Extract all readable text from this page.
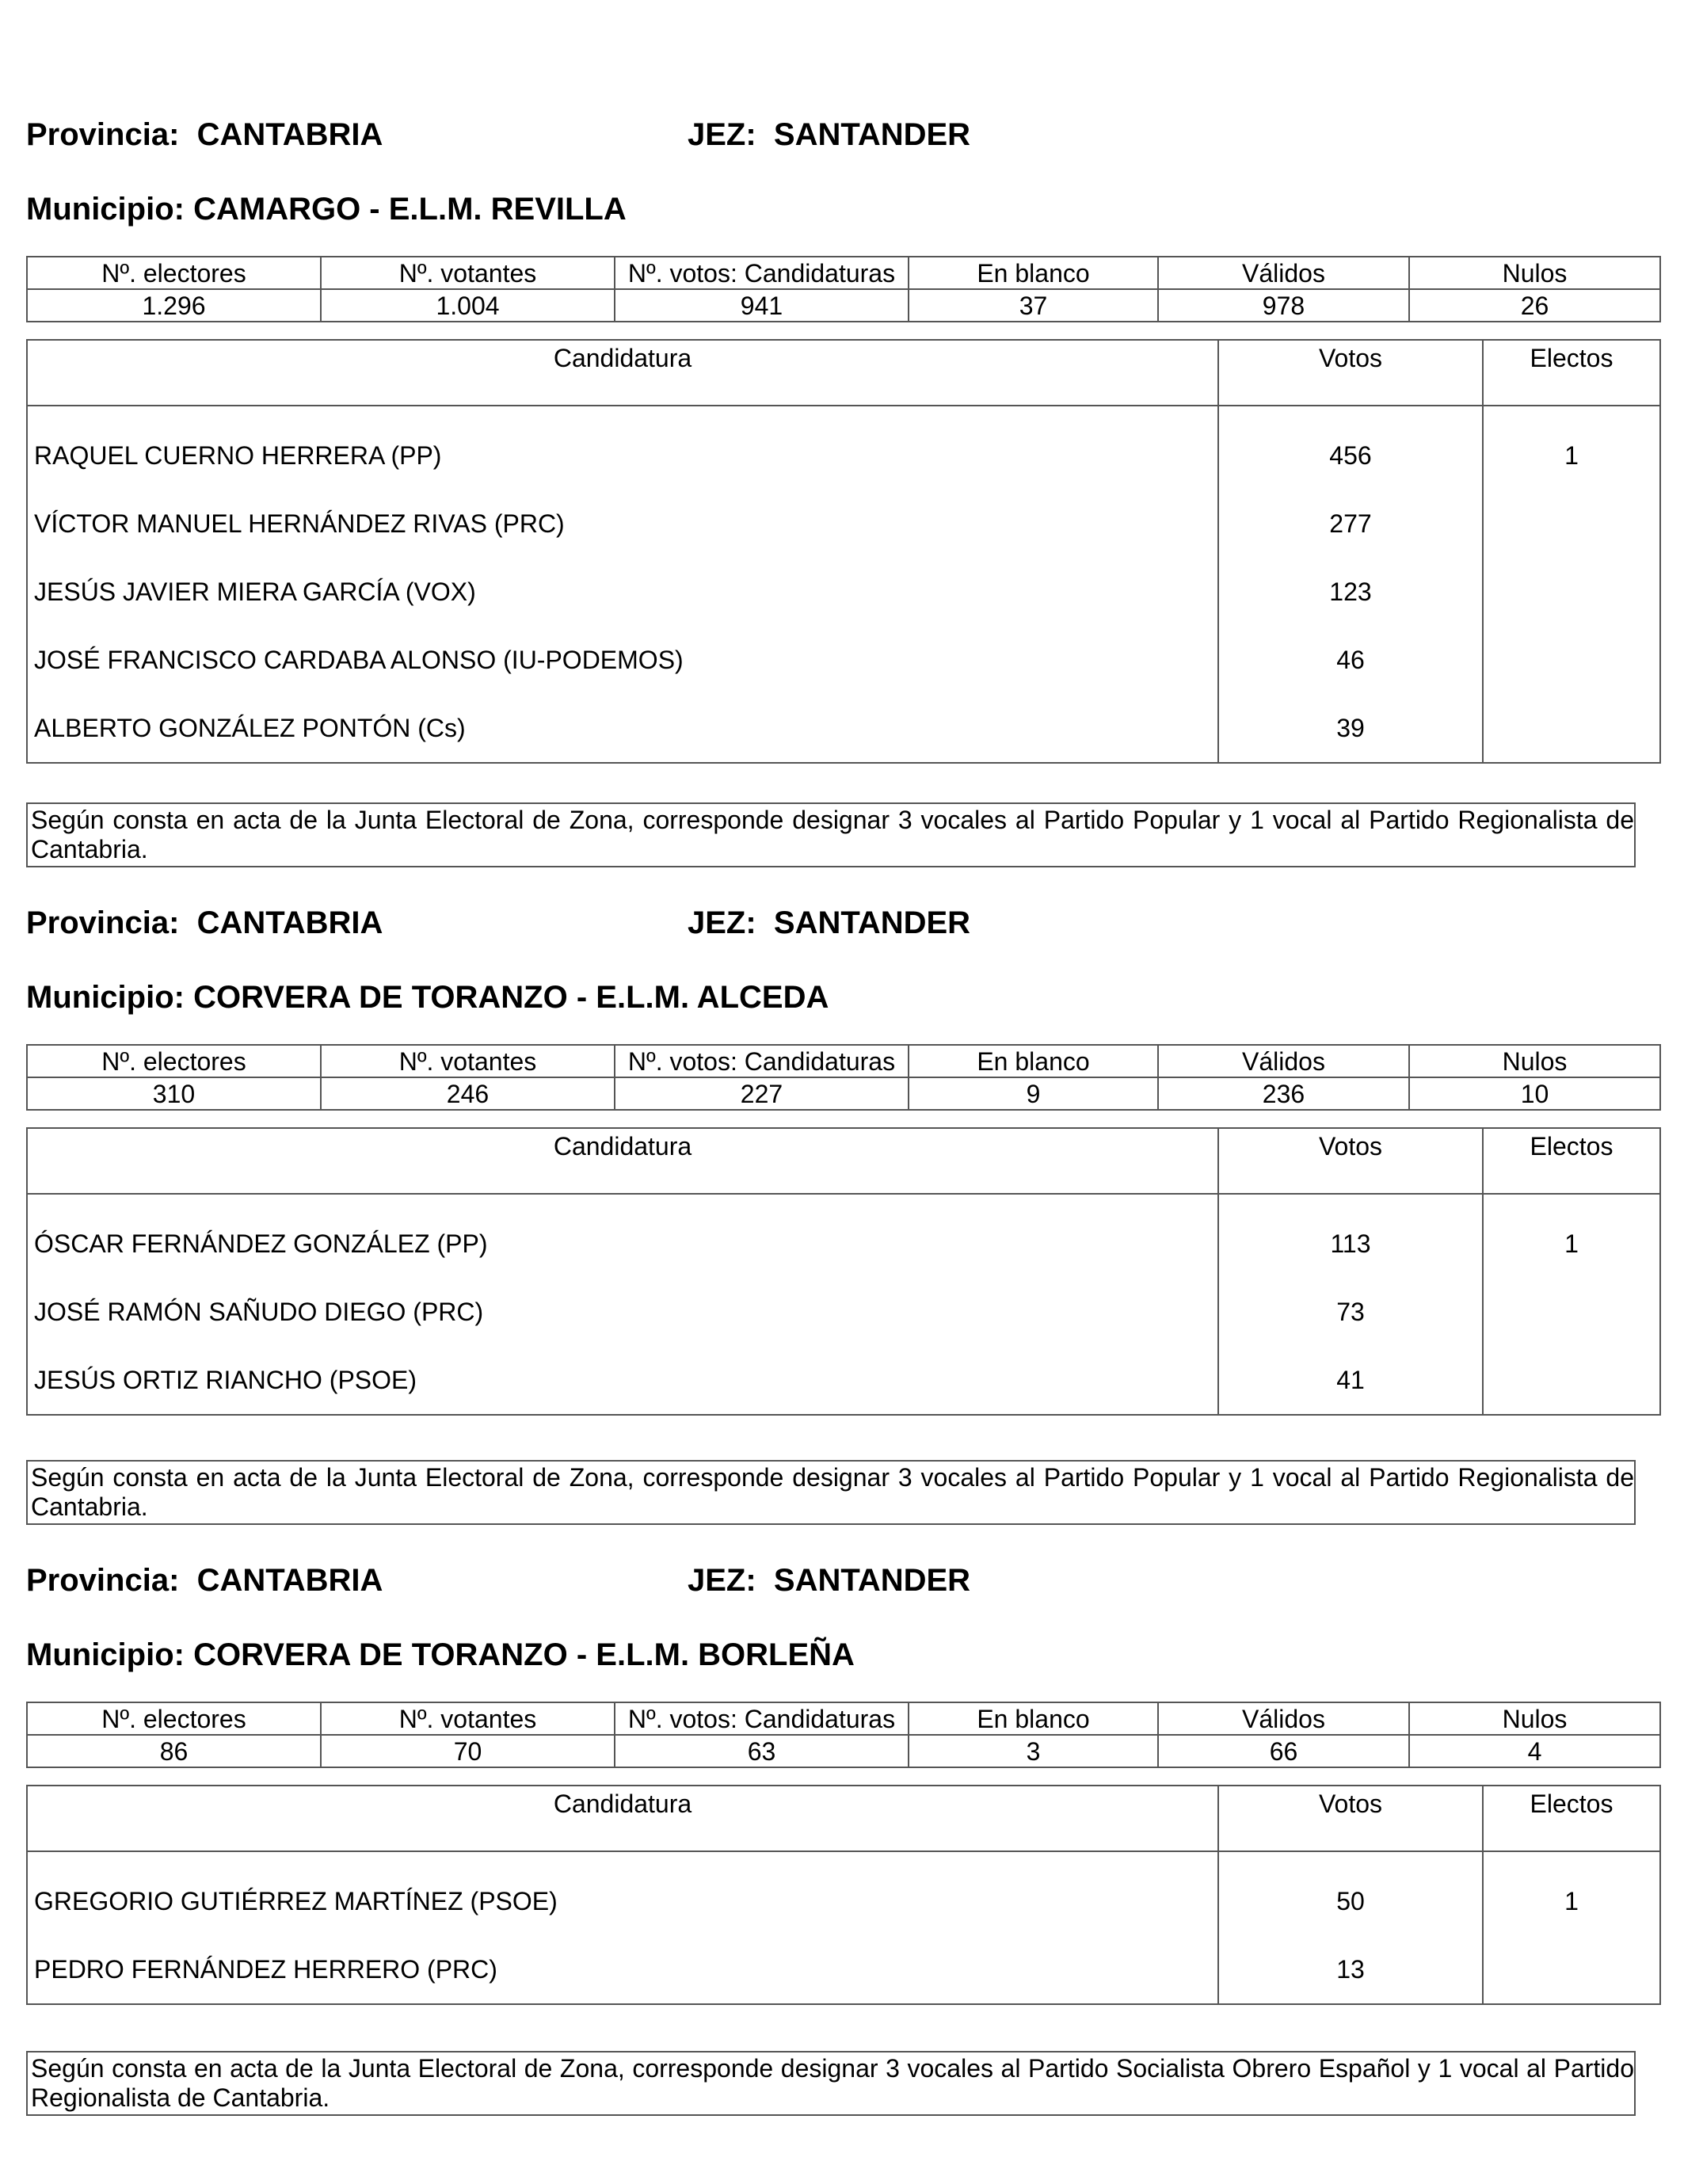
Provincia: CANTABRIA	JEZ: SANTANDER
Municipio: CAMARGO - E.L.M. REVILLA
Nº. electores	Nº. votantes	Nº. votos: Candidaturas	En blanco	Válidos	Nulos
1.296	1.004	941	37	978	26
Candidatura	Votos	Electos
RAQUEL CUERNO HERRERA (PP)	456	1
VÍCTOR MANUEL HERNÁNDEZ RIVAS (PRC)	277	
JESÚS JAVIER MIERA GARCÍA (VOX)	123	
JOSÉ FRANCISCO CARDABA ALONSO (IU-PODEMOS)	46	
ALBERTO GONZÁLEZ PONTÓN (Cs)	39	
Según consta en acta de la Junta Electoral de Zona, corresponde designar 3 vocales al Partido Popular y 1 vocal al Partido Regionalista de Cantabria.
Provincia: CANTABRIA	JEZ: SANTANDER
Municipio: CORVERA DE TORANZO - E.L.M. ALCEDA
Nº. electores	Nº. votantes	Nº. votos: Candidaturas	En blanco	Válidos	Nulos
310	246	227	9	236	10
Candidatura	Votos	Electos
ÓSCAR FERNÁNDEZ GONZÁLEZ (PP)	113	1
JOSÉ RAMÓN SAÑUDO DIEGO (PRC)	73	
JESÚS ORTIZ RIANCHO (PSOE)	41	
Según consta en acta de la Junta Electoral de Zona, corresponde designar 3 vocales al Partido Popular y 1 vocal al Partido Regionalista de Cantabria.
Provincia: CANTABRIA	JEZ: SANTANDER
Municipio: CORVERA DE TORANZO - E.L.M. BORLEÑA
Nº. electores	Nº. votantes	Nº. votos: Candidaturas	En blanco	Válidos	Nulos
86	70	63	3	66	4
Candidatura	Votos	Electos
GREGORIO GUTIÉRREZ MARTÍNEZ (PSOE)	50	1
PEDRO FERNÁNDEZ HERRERO (PRC)	13	
Según consta en acta de la Junta Electoral de Zona, corresponde designar 3 vocales al Partido Socialista Obrero Español y 1 vocal al Partido Regionalista de Cantabria.
